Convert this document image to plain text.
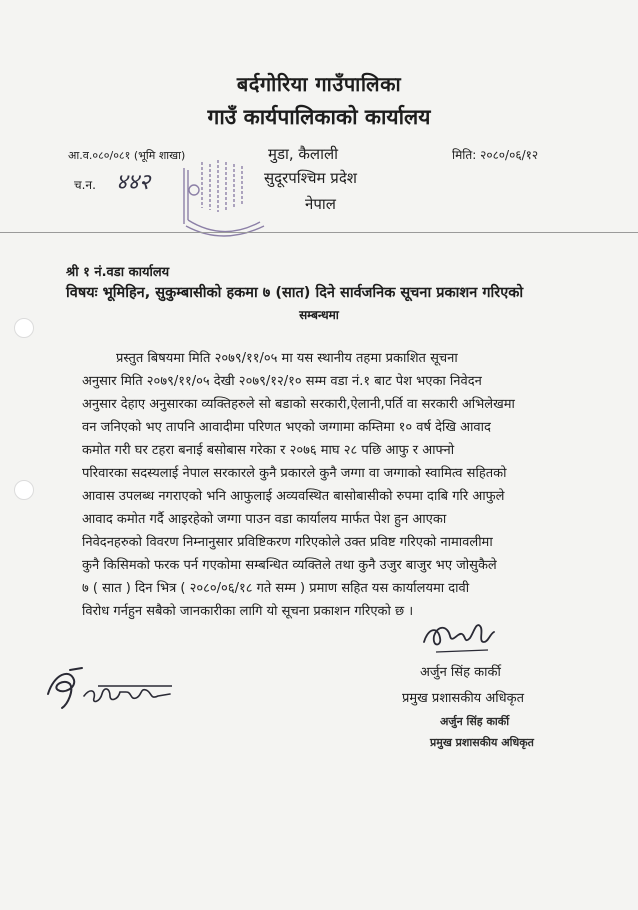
बर्दगोरिया गाउँपालिका
गाउँ कार्यपालिकाको कार्यालय
आ.व.०८०/०८१ (भूमि शाखा)	मुडा, कैलाली	मिति: २०८०/०६/१२
च.न. ४४२	सुदूरपश्चिम प्रदेश
नेपाल
श्री १ नं.वडा कार्यालय
विषयः भूमिहिन, सुकुम्बासीको हकमा ७ (सात) दिने सार्वजनिक सूचना प्रकाशन गरिएको
सम्बन्धमा
प्रस्तुत बिषयमा मिति २०७९/११/०५ मा यस स्थानीय तहमा प्रकाशित सूचना
अनुसार मिति २०७९/११/०५ देखी २०७९/१२/१० सम्म वडा नं.१ बाट पेश भएका निवेदन
अनुसार देहाए अनुसारका व्यक्तिहरुले सो बडाको सरकारी,ऐलानी,पर्ति वा सरकारी अभिलेखमा
वन जनिएको भए तापनि आवादीमा परिणत भएको जग्गामा कम्तिमा १० वर्ष देखि आवाद
कमोत गरी घर टहरा बनाई बसोबास गरेका र २०७६ माघ २८ पछि आफु र आफ्नो
परिवारका सदस्यलाई नेपाल सरकारले कुनै प्रकारले कुनै जग्गा वा जग्गाको स्वामित्व सहितको
आवास उपलब्ध नगराएको भनि आफुलाई अव्यवस्थित बासोबासीको रुपमा दाबि गरि आफुले
आवाद कमोत गर्दै आइरहेको जग्गा पाउन वडा कार्यालय मार्फत पेश हुन आएका
निवेदनहरुको विवरण निम्नानुसार प्रविष्टिकरण गरिएकोले उक्त प्रविष्ट गरिएको नामावलीमा
कुनै किसिमको फरक पर्न गएकोमा सम्बन्धित व्यक्तिले तथा कुनै उजुर बाजुर भए जोसुकैले
७ ( सात ) दिन भित्र ( २०८०/०६/१८ गते सम्म ) प्रमाण सहित यस कार्यालयमा दावी
विरोध गर्नहुन सबैको जानकारीका लागि यो सूचना प्रकाशन गरिएको छ ।
अर्जुन सिंह कार्की
प्रमुख प्रशासकीय अधिकृत
अर्जुन सिंह कार्की
प्रमुख प्रशासकीय अधिकृत
